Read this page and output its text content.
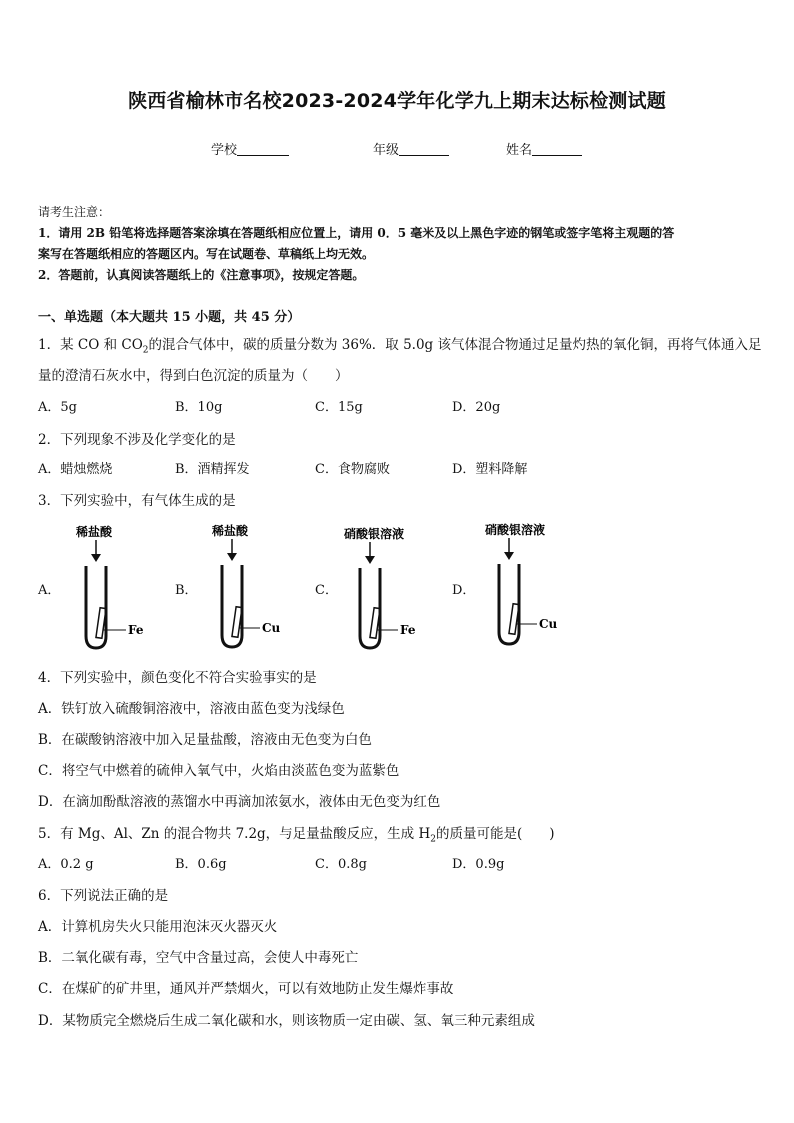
陕西省榆林市名校2023-2024学年化学九上期末达标检测试题
学校	年级	姓名
请考生注意：
1．请用 2B 铅笔将选择题答案涂填在答题纸相应位置上，请用 0．5 毫米及以上黑色字迹的钢笔或签字笔将主观题的答
案写在答题纸相应的答题区内。写在试题卷、草稿纸上均无效。
2．答题前，认真阅读答题纸上的《注意事项》，按规定答题。
一、单选题（本大题共 15 小题，共 45 分）
1．某 CO 和 $CO_2$的混合气体中，碳的质量分数为 36%．取 5.0g 该气体混合物通过足量灼热的氧化铜，再将气体通入足
量的澄清石灰水中，得到白色沉淀的质量为（　　）
A．5g	B．10g	C．15g	D．20g
2．下列现象不涉及化学变化的是
A．蜡烛燃烧	B．酒精挥发	C．食物腐败	D．塑料降解
3．下列实验中，有气体生成的是
A．	B．	C．	D．
稀盐酸
Fe
稀盐酸
Cu
硝酸银溶液
Fe
硝酸银溶液
Cu
4．下列实验中，颜色变化不符合实验事实的是
A．铁钉放入硫酸铜溶液中，溶液由蓝色变为浅绿色
B．在碳酸钠溶液中加入足量盐酸，溶液由无色变为白色
C．将空气中燃着的硫伸入氧气中，火焰由淡蓝色变为蓝紫色
D．在滴加酚酞溶液的蒸馏水中再滴加浓氨水，液体由无色变为红色
5．有 Mg、Al、Zn 的混合物共 7.2g，与足量盐酸反应，生成 $H_2$的质量可能是(　　)
A．0.2 g	B．0.6g	C．0.8g	D．0.9g
6．下列说法正确的是
A．计算机房失火只能用泡沫灭火器灭火
B．二氧化碳有毒，空气中含量过高，会使人中毒死亡
C．在煤矿的矿井里，通风并严禁烟火，可以有效地防止发生爆炸事故
D．某物质完全燃烧后生成二氧化碳和水，则该物质一定由碳、氢、氧三种元素组成
